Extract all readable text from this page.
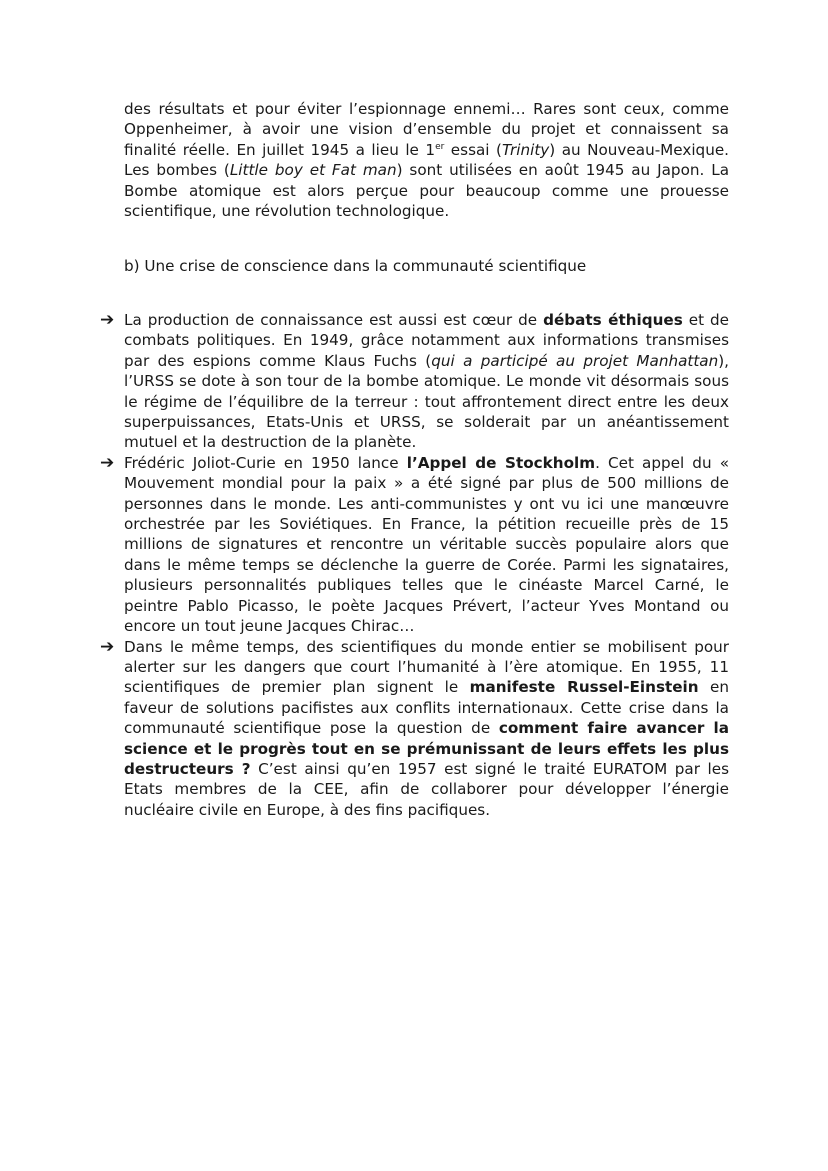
des résultats et pour éviter l’espionnage ennemi… Rares sont ceux, comme Oppenheimer, à avoir une vision d’ensemble du projet et connaissent sa finalité réelle. En juillet 1945 a lieu le 1er essai (Trinity) au Nouveau-Mexique. Les bombes (Little boy et Fat man) sont utilisées en août 1945 au Japon. La Bombe atomique est alors perçue pour beaucoup comme une prouesse scientifique, une révolution technologique.

b) Une crise de conscience dans la communauté scientifique

➔ La production de connaissance est aussi est cœur de débats éthiques et de combats politiques. En 1949, grâce notamment aux informations transmises par des espions comme Klaus Fuchs (qui a participé au projet Manhattan), l’URSS se dote à son tour de la bombe atomique. Le monde vit désormais sous le régime de l’équilibre de la terreur : tout affrontement direct entre les deux superpuissances, Etats-Unis et URSS, se solderait par un anéantissement mutuel et la destruction de la planète.

➔ Frédéric Joliot-Curie en 1950 lance l’Appel de Stockholm. Cet appel du « Mouvement mondial pour la paix » a été signé par plus de 500 millions de personnes dans le monde. Les anti-communistes y ont vu ici une manœuvre orchestrée par les Soviétiques. En France, la pétition recueille près de 15 millions de signatures et rencontre un véritable succès populaire alors que dans le même temps se déclenche la guerre de Corée. Parmi les signataires, plusieurs personnalités publiques telles que le cinéaste Marcel Carné, le peintre Pablo Picasso, le poète Jacques Prévert, l’acteur Yves Montand ou encore un tout jeune Jacques Chirac…

➔ Dans le même temps, des scientifiques du monde entier se mobilisent pour alerter sur les dangers que court l’humanité à l’ère atomique. En 1955, 11 scientifiques de premier plan signent le manifeste Russel-Einstein en faveur de solutions pacifistes aux conflits internationaux. Cette crise dans la communauté scientifique pose la question de comment faire avancer la science et le progrès tout en se prémunissant de leurs effets les plus destructeurs ? C’est ainsi qu’en 1957 est signé le traité EURATOM par les Etats membres de la CEE, afin de collaborer pour développer l’énergie nucléaire civile en Europe, à des fins pacifiques.
